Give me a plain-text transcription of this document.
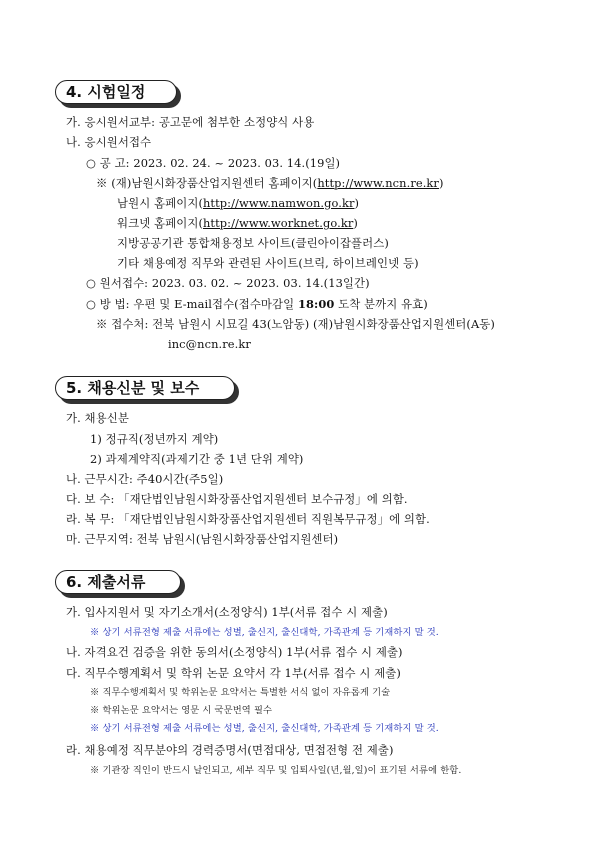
4. 시험일정
가. 응시원서교부: 공고문에 첨부한 소정양식 사용
나. 응시원서접수
○ 공 고: 2023. 02. 24. ~ 2023. 03. 14.(19일)
※ (재)남원시화장품산업지원센터 홈페이지(http://www.ncn.re.kr)
남원시 홈페이지(http://www.namwon.go.kr)
워크넷 홈페이지(http://www.worknet.go.kr)
지방공공기관 통합채용정보 사이트(클린아이잡플러스)
기타 채용예정 직무와 관련된 사이트(브릭, 하이브레인넷 등)
○ 원서접수: 2023. 03. 02. ~ 2023. 03. 14.(13일간)
○ 방 법: 우편 및 E-mail접수(접수마감일 18:00 도착 분까지 유효)
※ 접수처: 전북 남원시 시묘길 43(노암동) (재)남원시화장품산업지원센터(A동)
inc@ncn.re.kr
5. 채용신분 및 보수
가. 채용신분
1) 정규직(정년까지 계약)
2) 과제계약직(과제기간 중 1년 단위 계약)
나. 근무시간: 주40시간(주5일)
다. 보 수: 「재단법인남원시화장품산업지원센터 보수규정」에 의함.
라. 복 무: 「재단법인남원시화장품산업지원센터 직원복무규정」에 의함.
마. 근무지역: 전북 남원시(남원시화장품산업지원센터)
6. 제출서류
가. 입사지원서 및 자기소개서(소정양식) 1부(서류 접수 시 제출)
※ 상기 서류전형 제출 서류에는 성별, 출신지, 출신대학, 가족관계 등 기재하지 말 것.
나. 자격요건 검증을 위한 동의서(소정양식) 1부(서류 접수 시 제출)
다. 직무수행계획서 및 학위 논문 요약서 각 1부(서류 접수 시 제출)
※ 직무수행계획서 및 학위논문 요약서는 특별한 서식 없이 자유롭게 기술
※ 학위논문 요약서는 영문 시 국문번역 필수
※ 상기 서류전형 제출 서류에는 성별, 출신지, 출신대학, 가족관계 등 기재하지 말 것.
라. 채용예정 직무분야의 경력증명서(면접대상, 면접전형 전 제출)
※ 기관장 직인이 반드시 날인되고, 세부 직무 및 입퇴사일(년,월,일)이 표기된 서류에 한함.
